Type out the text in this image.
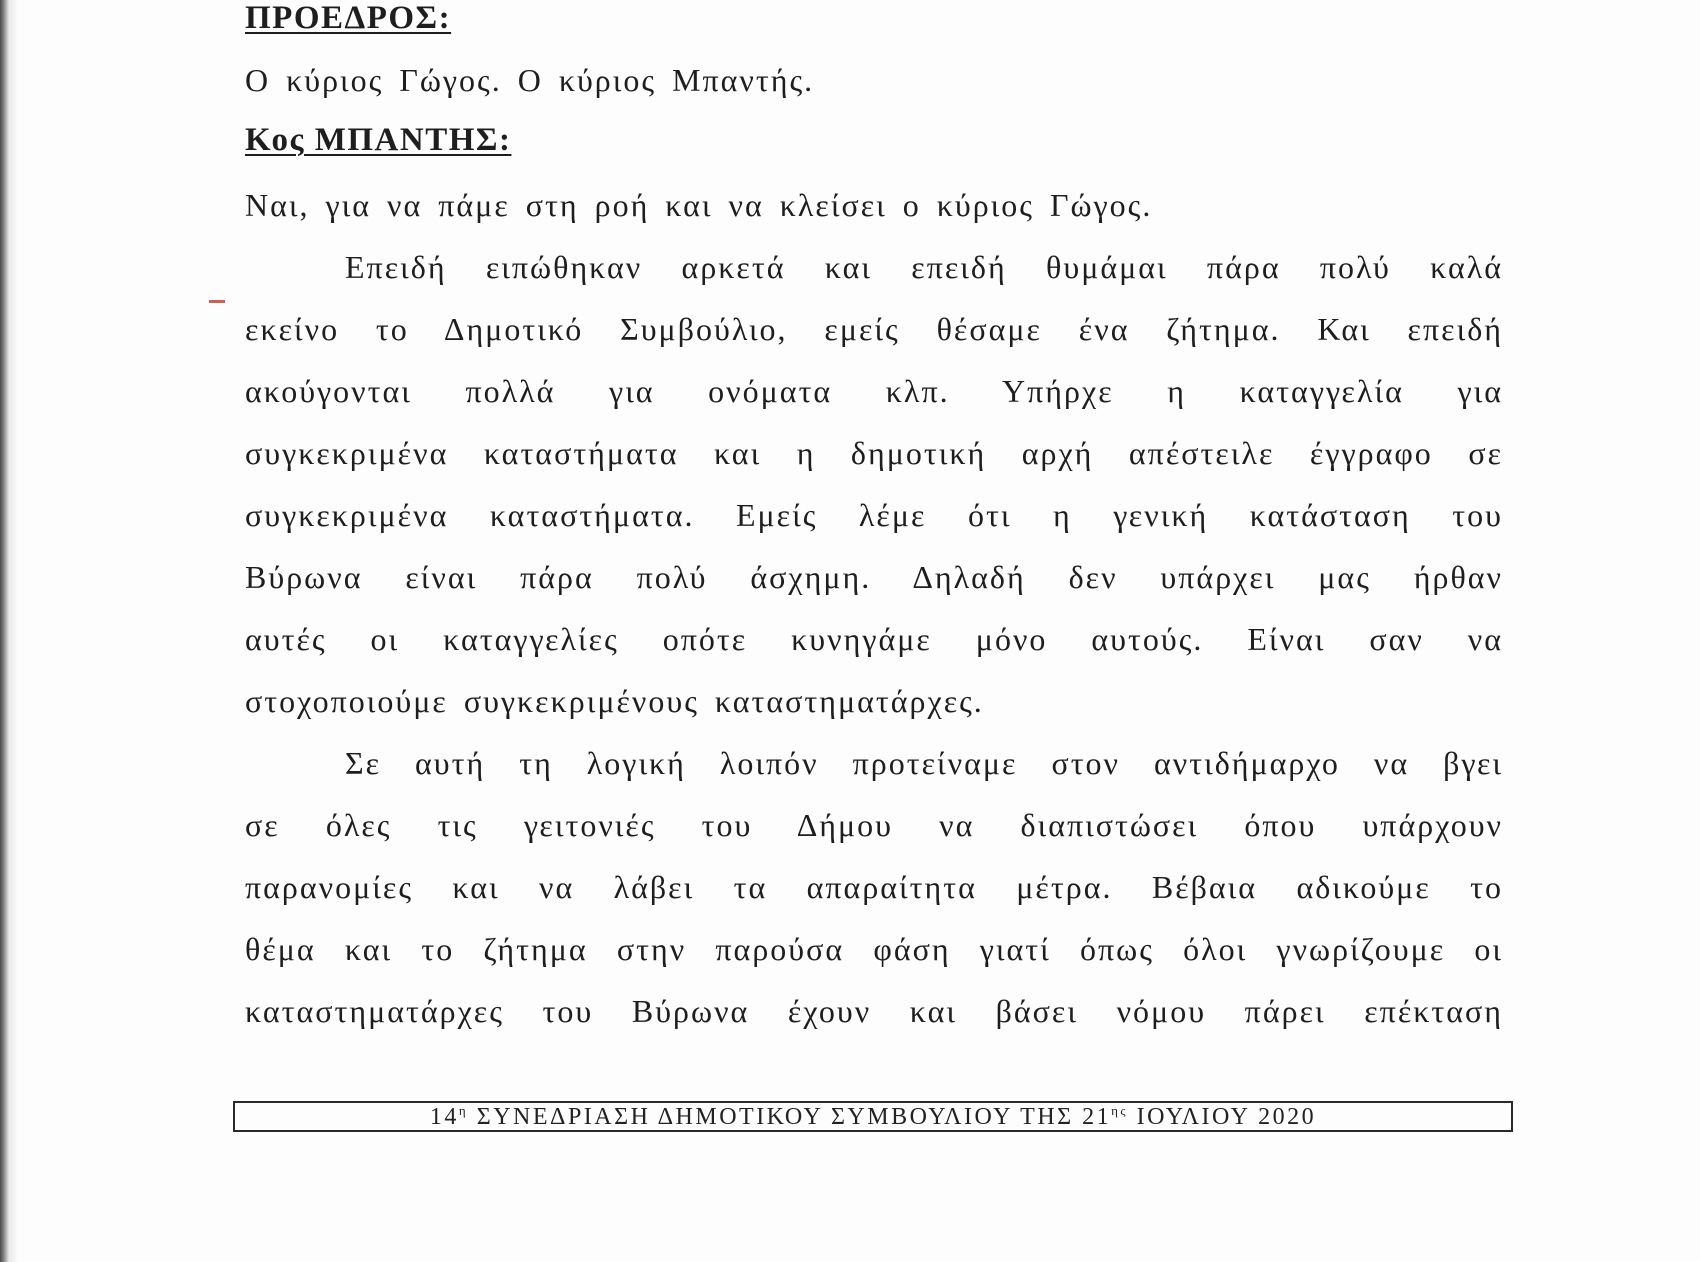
ΠΡΟΕΔΡΟΣ:
Ο κύριος Γώγος. Ο κύριος Μπαντής.
Κος ΜΠΑΝΤΗΣ:
Ναι, για να πάμε στη ροή και να κλείσει ο κύριος Γώγος.
Επειδή ειπώθηκαν αρκετά και επειδή θυμάμαι πάρα πολύ καλά
εκείνο το Δημοτικό Συμβούλιο, εμείς θέσαμε ένα ζήτημα. Και επειδή
ακούγονται πολλά για ονόματα κλπ. Υπήρχε η καταγγελία για
συγκεκριμένα καταστήματα και η δημοτική αρχή απέστειλε έγγραφο σε
συγκεκριμένα καταστήματα. Εμείς λέμε ότι η γενική κατάσταση του
Βύρωνα είναι πάρα πολύ άσχημη. Δηλαδή δεν υπάρχει μας ήρθαν
αυτές οι καταγγελίες οπότε κυνηγάμε μόνο αυτούς. Είναι σαν να
στοχοποιούμε συγκεκριμένους καταστηματάρχες.
Σε αυτή τη λογική λοιπόν προτείναμε στον αντιδήμαρχο να βγει
σε όλες τις γειτονιές του Δήμου να διαπιστώσει όπου υπάρχουν
παρανομίες και να λάβει τα απαραίτητα μέτρα. Βέβαια αδικούμε το
θέμα και το ζήτημα στην παρούσα φάση γιατί όπως όλοι γνωρίζουμε οι
καταστηματάρχες του Βύρωνα έχουν και βάσει νόμου πάρει επέκταση
$14^\eta$ ΣΥΝΕΔΡΙΑΣΗ ΔΗΜΟΤΙΚΟΥ ΣΥΜΒΟΥΛΙΟΥ ΤΗΣ $21^{\eta\varsigma}$ ΙΟΥΛΙΟΥ 2020
